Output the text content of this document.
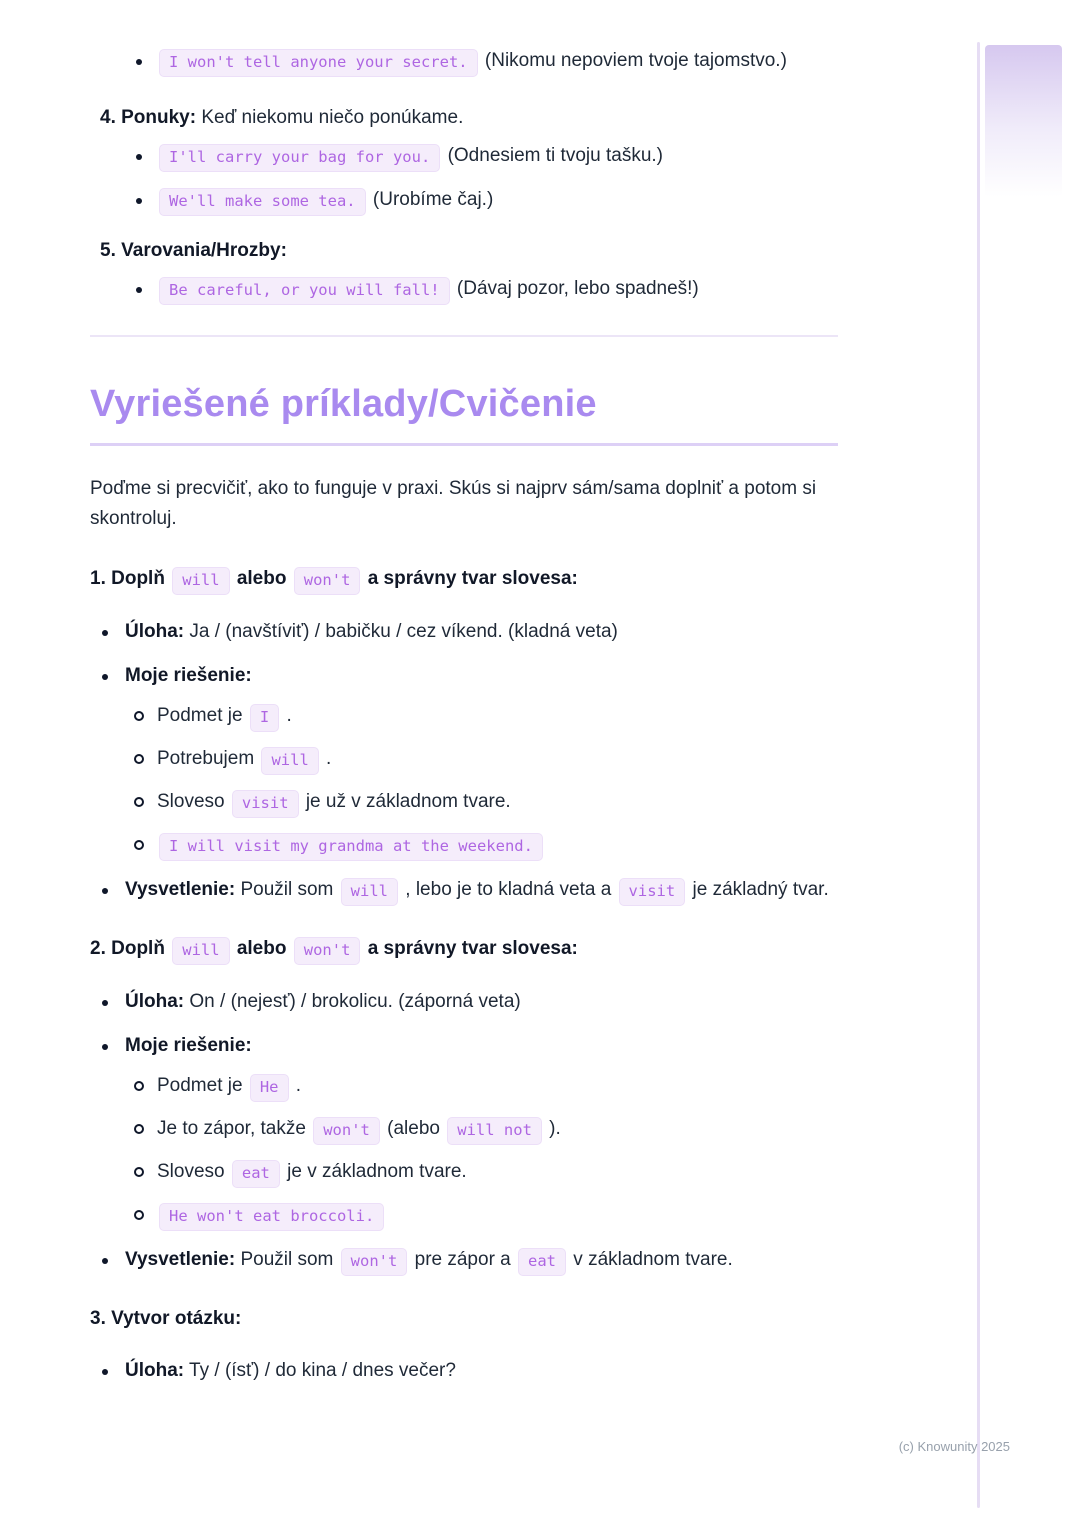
I won't tell anyone your secret. (Nikomu nepoviem tvoje tajomstvo.)

4. Ponuky: Keď niekomu niečo ponúkame.

I'll carry your bag for you. (Odnesiem ti tvoju tašku.)
We'll make some tea. (Urobíme čaj.)

5. Varovania/Hrozby:

Be careful, or you will fall! (Dávaj pozor, lebo spadneš!)
Vyriešené príklady/Cvičenie

Poďme si precvičiť, ako to funguje v praxi. Skús si najprv sám/sama doplniť a potom si skontroluj.

1. Doplň will alebo won't a správny tvar slovesa:

Úloha: Ja / (navštíviť) / babičku / cez víkend. (kladná veta)
Moje riešenie:
Podmet je I .
Potrebujem will .
Sloveso visit je už v základnom tvare.
I will visit my grandma at the weekend.
Vysvetlenie: Použil som will , lebo je to kladná veta a visit je základný tvar.

2. Doplň will alebo won't a správny tvar slovesa:

Úloha: On / (nejesť) / brokolicu. (záporná veta)
Moje riešenie:
Podmet je He .
Je to zápor, takže won't (alebo will not ).
Sloveso eat je v základnom tvare.
He won't eat broccoli.
Vysvetlenie: Použil som won't pre zápor a eat v základnom tvare.

3. Vytvor otázku:

Úloha: Ty / (ísť) / do kina / dnes večer?
(c) Knowunity 2025
